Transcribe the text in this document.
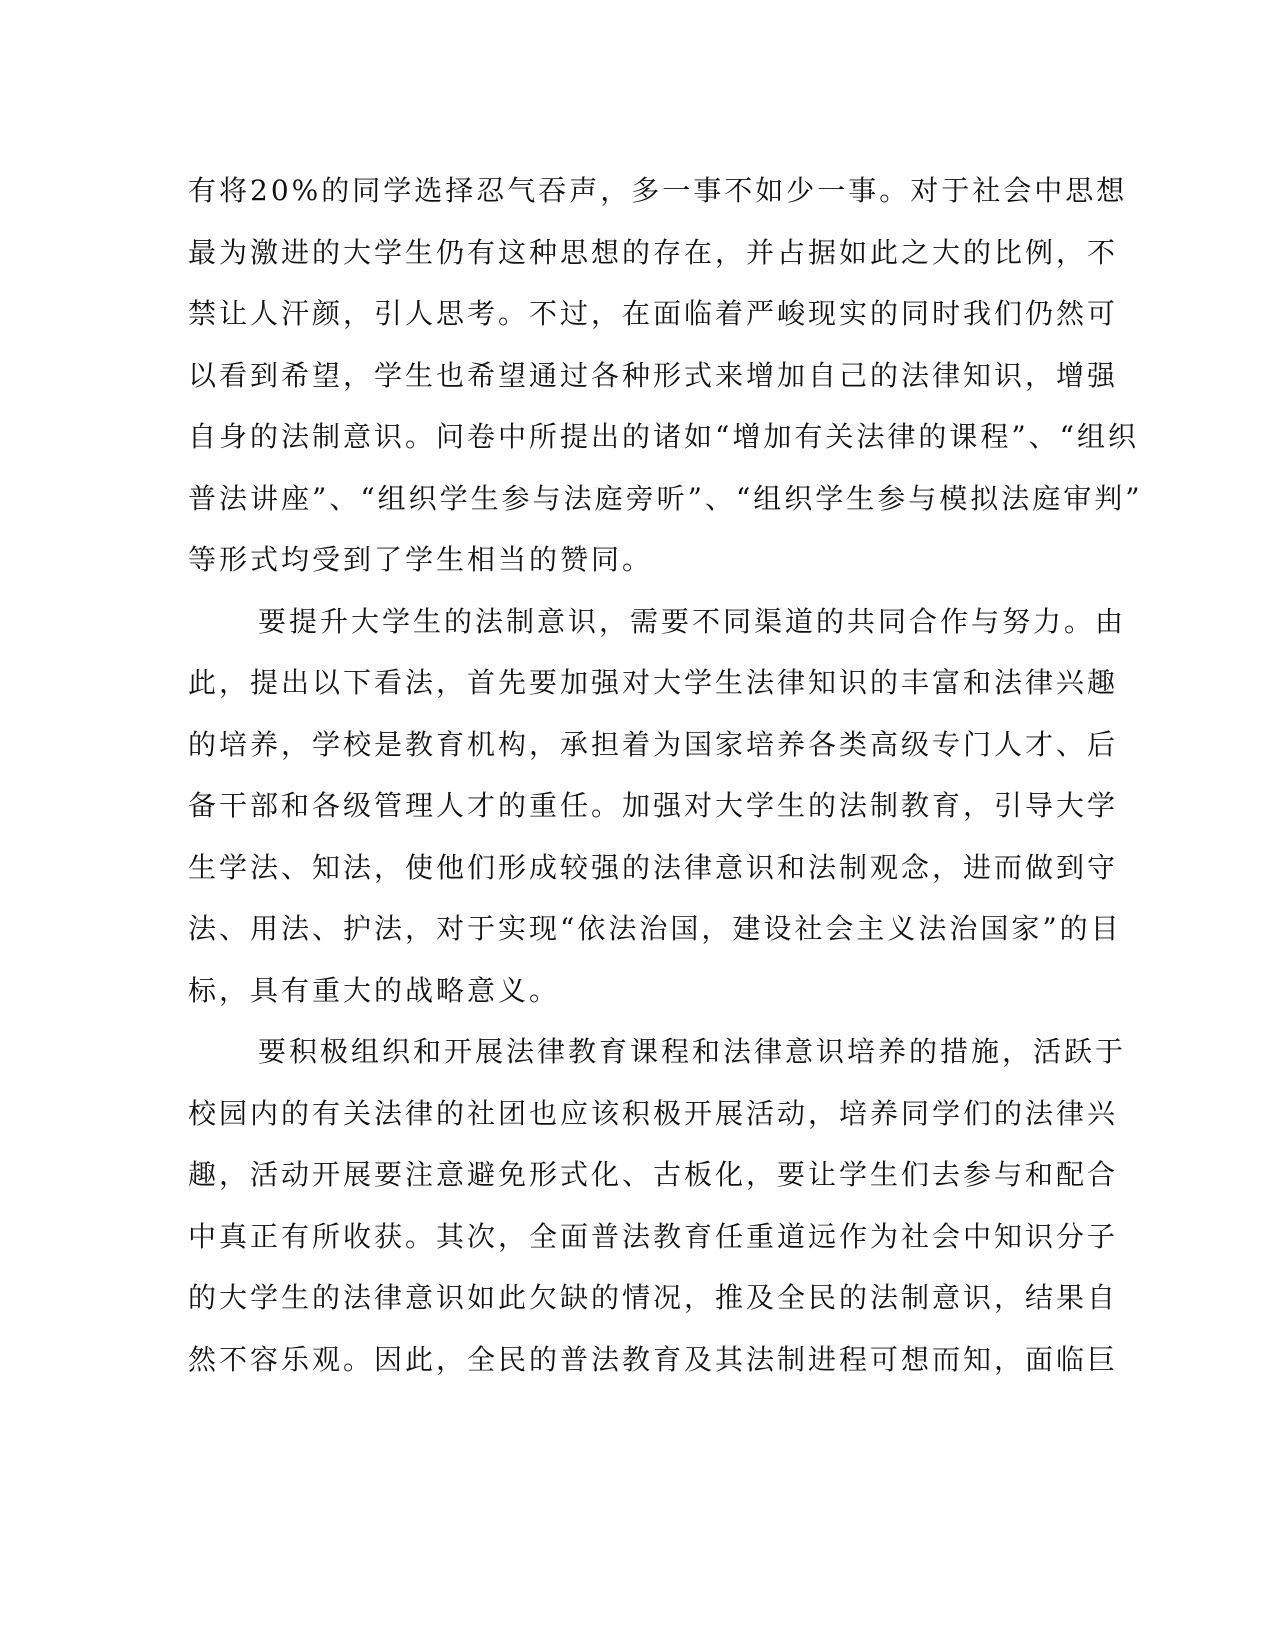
有将20%的同学选择忍气吞声，多一事不如少一事。对于社会中思想
最为激进的大学生仍有这种思想的存在，并占据如此之大的比例，不
禁让人汗颜，引人思考。不过，在面临着严峻现实的同时我们仍然可
以看到希望，学生也希望通过各种形式来增加自己的法律知识，增强
自身的法制意识。问卷中所提出的诸如“增加有关法律的课程”、“组织
普法讲座”、“组织学生参与法庭旁听”、“组织学生参与模拟法庭审判”
等形式均受到了学生相当的赞同。
要提升大学生的法制意识，需要不同渠道的共同合作与努力。由
此，提出以下看法，首先要加强对大学生法律知识的丰富和法律兴趣
的培养，学校是教育机构，承担着为国家培养各类高级专门人才、后
备干部和各级管理人才的重任。加强对大学生的法制教育，引导大学
生学法、知法，使他们形成较强的法律意识和法制观念，进而做到守
法、用法、护法，对于实现“依法治国，建设社会主义法治国家”的目
标，具有重大的战略意义。
要积极组织和开展法律教育课程和法律意识培养的措施，活跃于
校园内的有关法律的社团也应该积极开展活动，培养同学们的法律兴
趣，活动开展要注意避免形式化、古板化，要让学生们去参与和配合
中真正有所收获。其次，全面普法教育任重道远作为社会中知识分子
的大学生的法律意识如此欠缺的情况，推及全民的法制意识，结果自
然不容乐观。因此，全民的普法教育及其法制进程可想而知，面临巨
